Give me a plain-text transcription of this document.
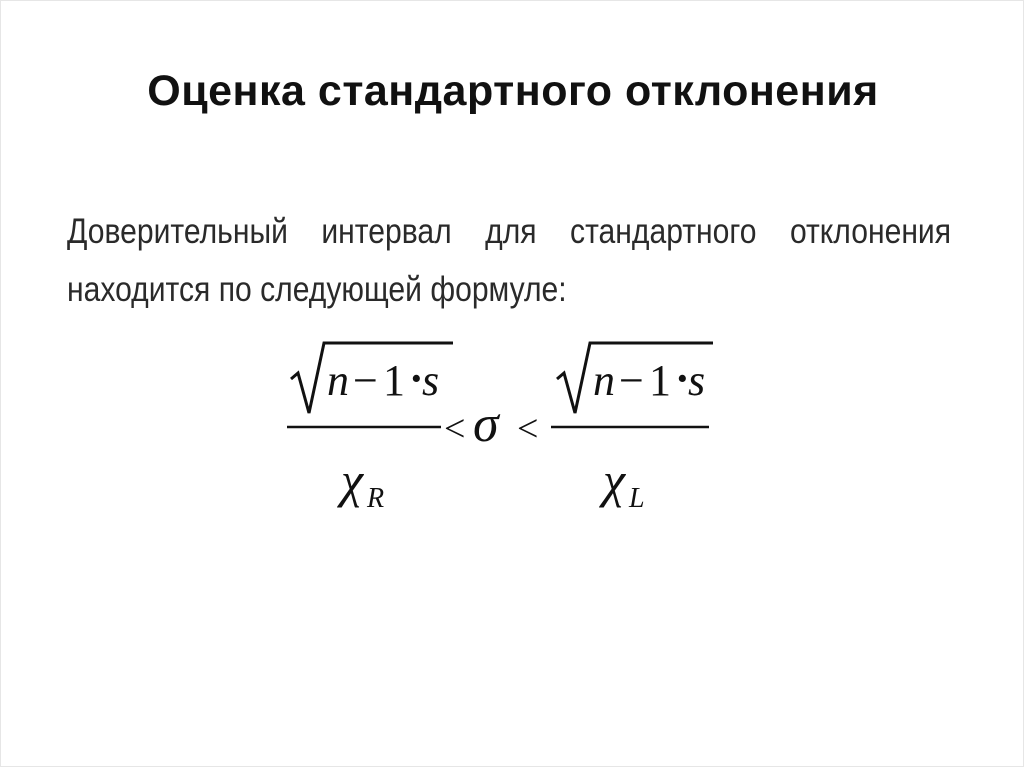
Оценка стандартного отклонения
Доверительный интервал для стандартного отклонения
находится по следующей формуле:
n − 1 ·
s
χ R
< σ <
n − 1 ·
s
χ L
